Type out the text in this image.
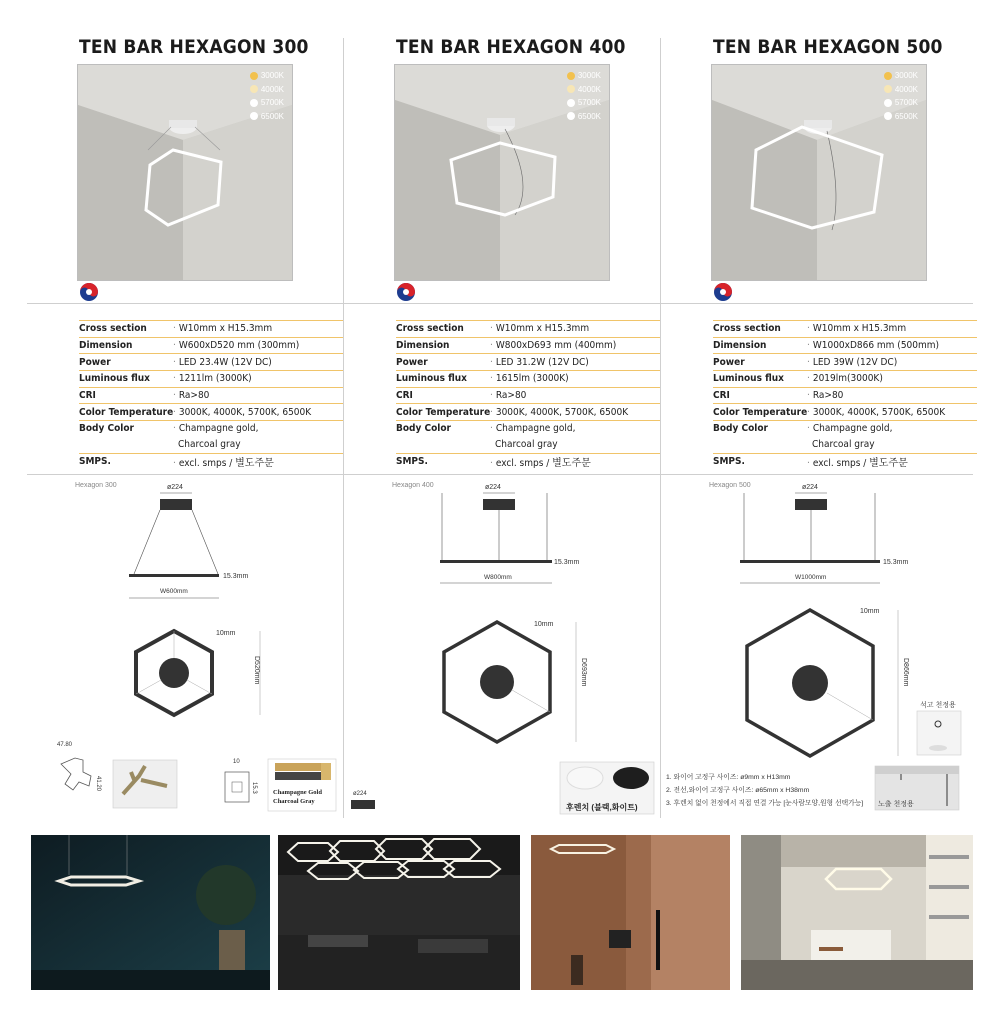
TEN BAR HEXAGON 300
3000K
4000K
5700K
6500K
Cross section	· W10mm x H15.3mm
Dimension	· W600xD520 mm (300mm)
Power	· LED 23.4W (12V DC)
Luminous flux	· 1211lm (3000K)
CRI	· Ra>80
Color Temperature · 3000K, 4000K, 5700K, 6500K
Body Color	· Champagne gold,
Charcoal gray
SMPS.	· excl. smps / 별도주문
Hexagon 300	ø224
15.3mm
W600mm
10mm
D520mm
47.80
41.20
10
15.3 Champagne Gold
Charcoal Gray
TEN BAR HEXAGON 400
3000K
4000K
5700K
6500K
Cross section	· W10mm x H15.3mm
Dimension	· W800xD693 mm (400mm)
Power	· LED 31.2W (12V DC)
Luminous flux	· 1615lm (3000K)
CRI	· Ra>80
Color Temperature · 3000K, 4000K, 5700K, 6500K
Body Color	· Champagne gold,
Charcoal gray
SMPS.	· excl. smps / 별도주문
Hexagon 400	ø224
15.3mm
W800mm
10mm
D693mm
ø224
후렌치 (블랙,화이트)
TEN BAR HEXAGON 500
3000K
4000K
5700K
6500K
Cross section	· W10mm x H15.3mm
Dimension	· W1000xD866 mm (500mm)
Power	· LED 39W (12V DC)
Luminous flux	· 2019lm(3000K)
CRI	· Ra>80
Color Temperature · 3000K, 4000K, 5700K, 6500K
Body Color	· Champagne gold,
Charcoal gray
SMPS.	· excl. smps / 별도주문
Hexagon 500	ø224
15.3mm
W1000mm
10mm
D866mm
석고 천정용
1. 와이어 고정구 사이즈: ø9mm x H13mm
2. 전선,와이어 고정구 사이즈: ø65mm x H38mm
3. 후렌치 없이 천정에서 직접 연결 가능 [눈사람모양,원형 선택가능] 노출 천정용
